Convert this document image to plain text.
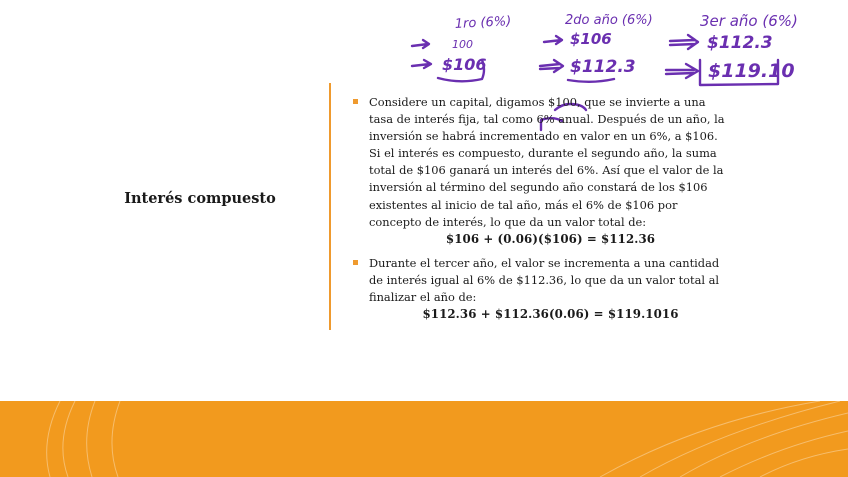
1ro (6%)	2do año (6%)	3er año (6%)
100	$106	$112.3
$106	$112.3	$119.10
Interés compuesto

Considere un capital, digamos $100, que se invierte a una tasa de interés fija, tal como 6% anual. Después de un año, la inversión se habrá incrementado en valor en un 6%, a $106. Si el interés es compuesto, durante el segundo año, la suma total de $106 ganará un interés del 6%. Así que el valor de la inversión al término del segundo año constará de los $106 existentes al inicio de tal año, más el 6% de $106 por concepto de interés, lo que da un valor total de:

$106 + (0.06)($106) = $112.36

Durante el tercer año, el valor se incrementa a una cantidad de interés igual al 6% de $112.36, lo que da un valor total al finalizar el año de:

$112.36 + $112.36(0.06) = $119.1016
